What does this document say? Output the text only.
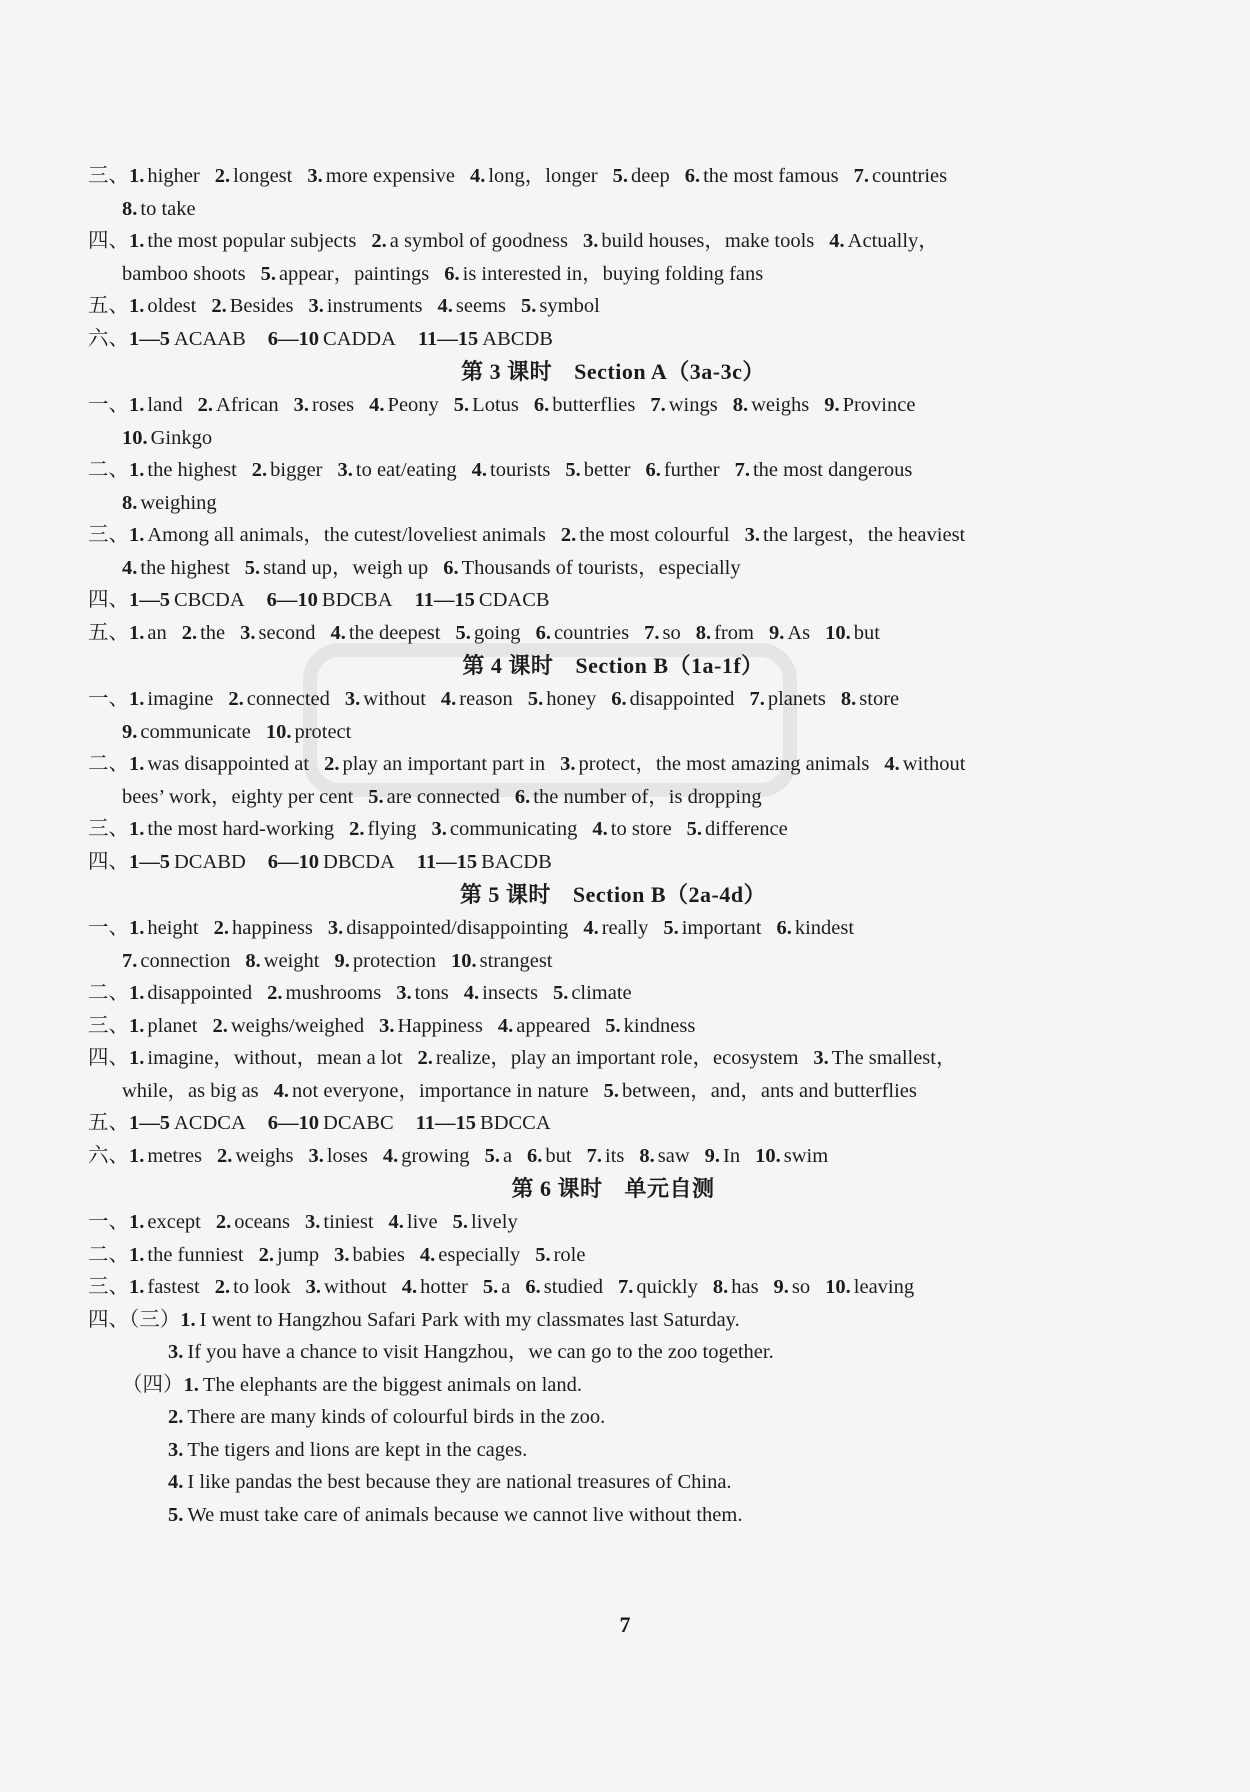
三、1. higher 2. longest 3. more expensive 4. long，longer 5. deep 6. the most famous 7. countries
8. to take
四、1. the most popular subjects 2. a symbol of goodness 3. build houses，make tools 4. Actually，
bamboo shoots 5. appear，paintings 6. is interested in，buying folding fans
五、1. oldest 2. Besides 3. instruments 4. seems 5. symbol
六、1—5 ACAAB 6—10 CADDA 11—15 ABCDB
第 3 课时 Section A（3a-3c）
一、1. land 2. African 3. roses 4. Peony 5. Lotus 6. butterflies 7. wings 8. weighs 9. Province
10. Ginkgo
二、1. the highest 2. bigger 3. to eat/eating 4. tourists 5. better 6. further 7. the most dangerous
8. weighing
三、1. Among all animals，the cutest/loveliest animals 2. the most colourful 3. the largest，the heaviest
4. the highest 5. stand up，weigh up 6. Thousands of tourists，especially
四、1—5 CBCDA 6—10 BDCBA 11—15 CDACB
五、1. an 2. the 3. second 4. the deepest 5. going 6. countries 7. so 8. from 9. As 10. but
第 4 课时 Section B（1a-1f）
一、1. imagine 2. connected 3. without 4. reason 5. honey 6. disappointed 7. planets 8. store
9. communicate 10. protect
二、1. was disappointed at 2. play an important part in 3. protect，the most amazing animals 4. without
bees’ work，eighty per cent 5. are connected 6. the number of，is dropping
三、1. the most hard-working 2. flying 3. communicating 4. to store 5. difference
四、1—5 DCABD 6—10 DBCDA 11—15 BACDB
第 5 课时 Section B（2a-4d）
一、1. height 2. happiness 3. disappointed/disappointing 4. really 5. important 6. kindest
7. connection 8. weight 9. protection 10. strangest
二、1. disappointed 2. mushrooms 3. tons 4. insects 5. climate
三、1. planet 2. weighs/weighed 3. Happiness 4. appeared 5. kindness
四、1. imagine，without，mean a lot 2. realize，play an important role，ecosystem 3. The smallest，
while，as big as 4. not everyone，importance in nature 5. between，and，ants and butterflies
五、1—5 ACDCA 6—10 DCABC 11—15 BDCCA
六、1. metres 2. weighs 3. loses 4. growing 5. a 6. but 7. its 8. saw 9. In 10. swim
第 6 课时 单元自测
一、1. except 2. oceans 3. tiniest 4. live 5. lively
二、1. the funniest 2. jump 3. babies 4. especially 5. role
三、1. fastest 2. to look 3. without 4. hotter 5. a 6. studied 7. quickly 8. has 9. so 10. leaving
四、（三）1. I went to Hangzhou Safari Park with my classmates last Saturday.
3. If you have a chance to visit Hangzhou，we can go to the zoo together.
（四）1. The elephants are the biggest animals on land.
2. There are many kinds of colourful birds in the zoo.
3. The tigers and lions are kept in the cages.
4. I like pandas the best because they are national treasures of China.
5. We must take care of animals because we cannot live without them.
7
